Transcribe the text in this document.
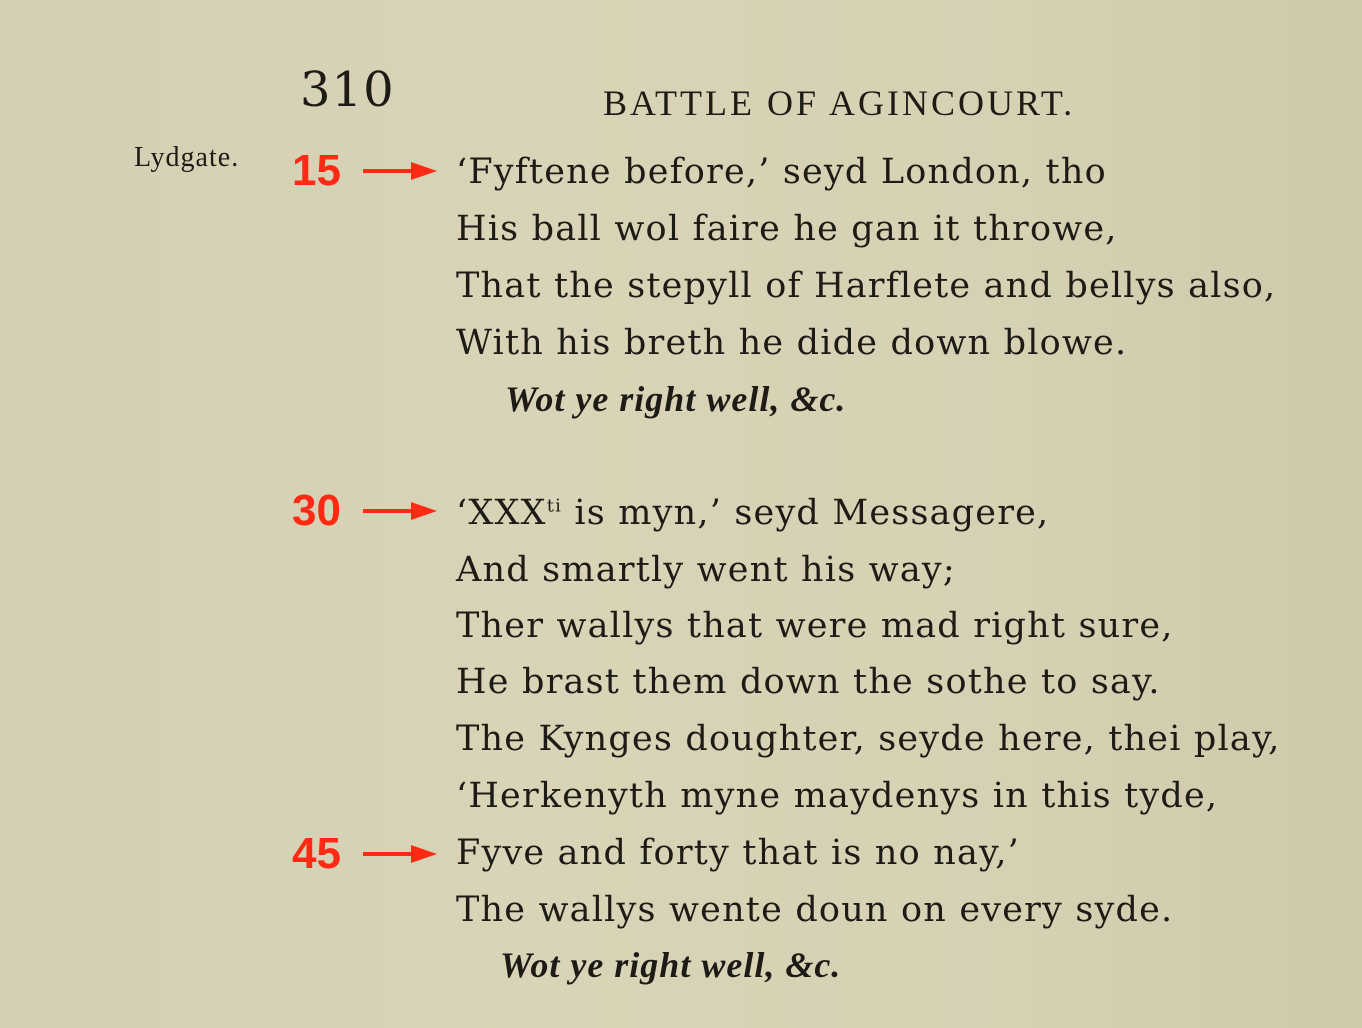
310	BATTLE OF AGINCOURT.
Lydgate. 15
30
45
‘Fyftene before,’ seyd London, tho
His ball wol faire he gan it throwe,
That the stepyll of Harflete and bellys also,
With his breth he dide down blowe.
Wot ye right well, &c.
‘$XXX^{ti}$ is myn,’ seyd Messagere,
And smartly went his way;
Ther wallys that were mad right sure,
He brast them down the sothe to say.
The Kynges doughter, seyde here, thei play,
‘Herkenyth myne maydenys in this tyde,
Fyve and forty that is no nay,’
The wallys wente doun on every syde.
Wot ye right well, &c.
